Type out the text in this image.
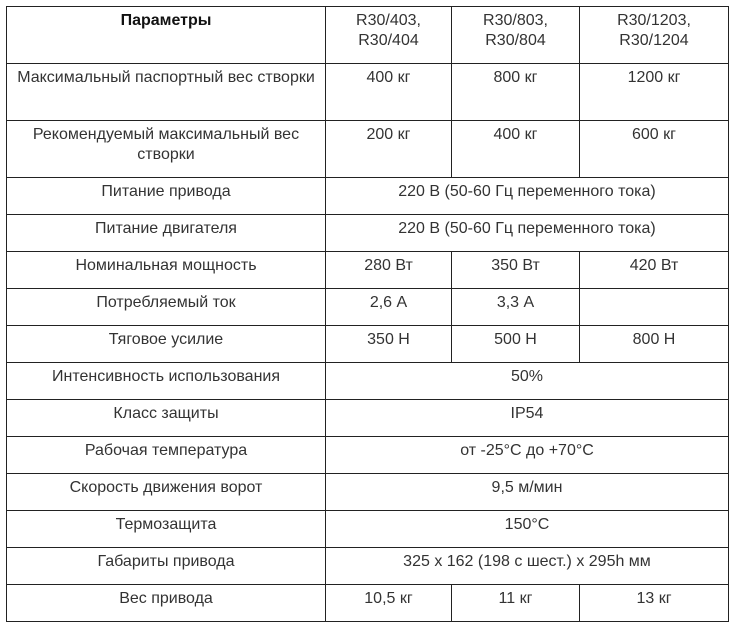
Параметры	R30/403, R30/404	R30/803, R30/804	R30/1203, R30/1204
Максимальный паспортный вес створки	400 кг	800 кг	1200 кг
Рекомендуемый максимальный вес створки	200 кг	400 кг	600 кг
Питание привода	220 В (50-60 Гц переменного тока)		
Питание двигателя	220 В (50-60 Гц переменного тока)		
Номинальная мощность	280 Вт	350 Вт	420 Вт
Потребляемый ток	2,6 А	3,3 А	
Тяговое усилие	350 Н	500 Н	800 Н
Интенсивность использования	50%		
Класс защиты	IP54		
Рабочая температура	от -25°С до +70°С		
Скорость движения ворот	9,5 м/мин		
Термозащита	150°С		
Габариты привода	325 х 162 (198 с шест.) х 295h мм		
Вес привода	10,5 кг	11 кг	13 кг
